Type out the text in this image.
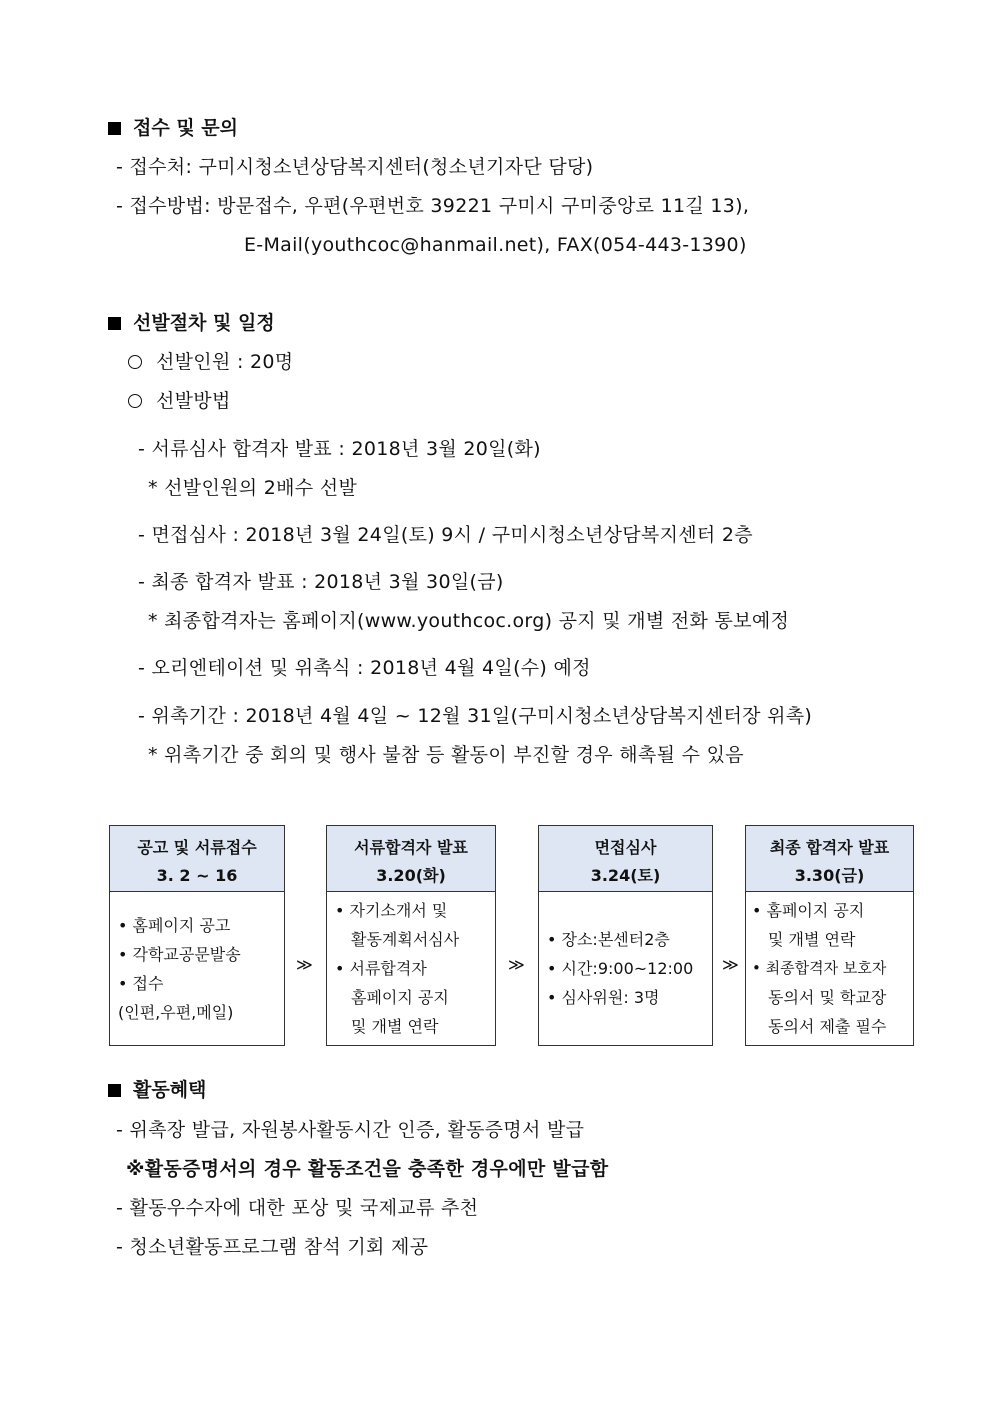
접수 및 문의
- 접수처: 구미시청소년상담복지센터(청소년기자단 담당)
- 접수방법: 방문접수, 우편(우편번호 39221 구미시 구미중앙로 11길 13),
E-Mail(youthcoc@hanmail.net), FAX(054-443-1390)
선발절차 및 일정
선발인원 : 20명
선발방법
- 서류심사 합격자 발표 : 2018년 3월 20일(화)
* 선발인원의 2배수 선발
- 면접심사 : 2018년 3월 24일(토) 9시 / 구미시청소년상담복지센터 2층
- 최종 합격자 발표 : 2018년 3월 30일(금)
* 최종합격자는 홈페이지(www.youthcoc.org) 공지 및 개별 전화 통보예정
- 오리엔테이션 및 위촉식 : 2018년 4월 4일(수) 예정
- 위촉기간 : 2018년 4월 4일 ~ 12월 31일(구미시청소년상담복지센터장 위촉)
* 위촉기간 중 회의 및 행사 불참 등 활동이 부진할 경우 해촉될 수 있음
공고 및 서류접수
3. 2 ~ 16
• 홈페이지 공고
• 각학교공문발송
• 접수
(인편,우편,메일)
≫
서류합격자 발표
3.20(화)
• 자기소개서 및
활동계획서심사
• 서류합격자
홈페이지 공지
및 개별 연락
≫
면접심사
3.24(토)
• 장소:본센터2층
• 시간:9:00~12:00
• 심사위원: 3명
≫
최종 합격자 발표
3.30(금)
• 홈페이지 공지
및 개별 연락
• 최종합격자 보호자
동의서 및 학교장
동의서 제출 필수
활동혜택
- 위촉장 발급, 자원봉사활동시간 인증, 활동증명서 발급
※활동증명서의 경우 활동조건을 충족한 경우에만 발급함
- 활동우수자에 대한 포상 및 국제교류 추천
- 청소년활동프로그램 참석 기회 제공
